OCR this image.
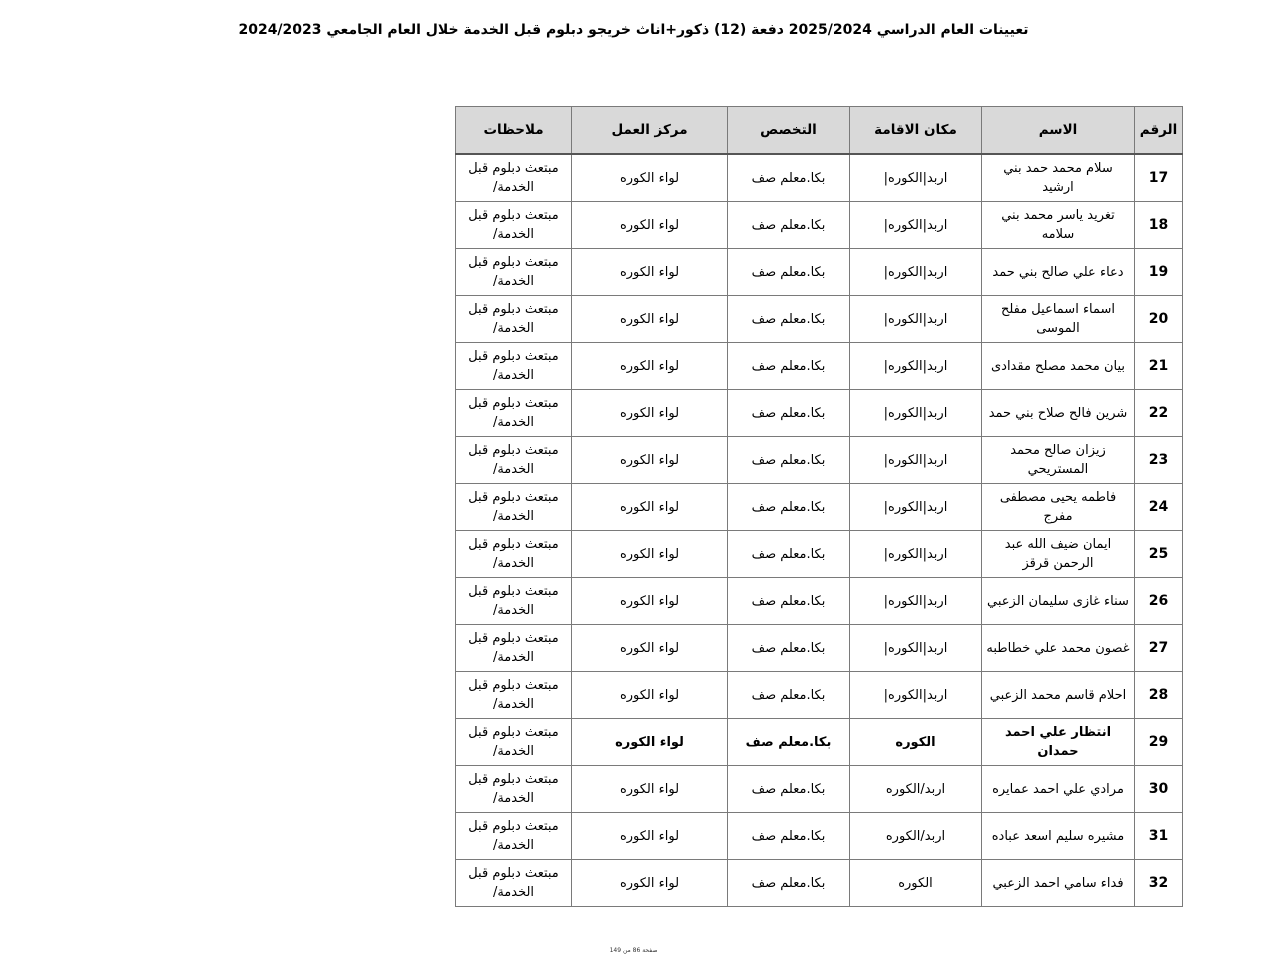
تعيينات العام الدراسي 2025/2024 دفعة (12) ذكور+اناث خريجو دبلوم قبل الخدمة خلال العام الجامعي 2024/2023
الرقم	الاسم	مكان الاقامة	التخصص	مركز العمل	ملاحظات
17	سلام محمد حمد بني ارشيد	اربد|الكوره|	بكا.معلم صف	لواء الكوره	مبتعث دبلوم قبل الخدمة/
18	تغريد ياسر محمد بني سلامه	اربد|الكوره|	بكا.معلم صف	لواء الكوره	مبتعث دبلوم قبل الخدمة/
19	دعاء علي صالح بني حمد	اربد|الكوره|	بكا.معلم صف	لواء الكوره	مبتعث دبلوم قبل الخدمة/
20	اسماء اسماعيل مفلح الموسى	اربد|الكوره|	بكا.معلم صف	لواء الكوره	مبتعث دبلوم قبل الخدمة/
21	بيان محمد مصلح مقدادى	اربد|الكوره|	بكا.معلم صف	لواء الكوره	مبتعث دبلوم قبل الخدمة/
22	شرين فالح صلاح بني حمد	اربد|الكوره|	بكا.معلم صف	لواء الكوره	مبتعث دبلوم قبل الخدمة/
23	زيزان صالح محمد المستريحي	اربد|الكوره|	بكا.معلم صف	لواء الكوره	مبتعث دبلوم قبل الخدمة/
24	فاطمه يحيى مصطفى مفرج	اربد|الكوره|	بكا.معلم صف	لواء الكوره	مبتعث دبلوم قبل الخدمة/
25	ايمان ضيف الله عبد الرحمن قرقز	اربد|الكوره|	بكا.معلم صف	لواء الكوره	مبتعث دبلوم قبل الخدمة/
26	سناء غازى سليمان الزعبي	اربد|الكوره|	بكا.معلم صف	لواء الكوره	مبتعث دبلوم قبل الخدمة/
27	غصون محمد علي خطاطبه	اربد|الكوره|	بكا.معلم صف	لواء الكوره	مبتعث دبلوم قبل الخدمة/
28	احلام قاسم محمد الزعبي	اربد|الكوره|	بكا.معلم صف	لواء الكوره	مبتعث دبلوم قبل الخدمة/
29	انتظار علي احمد حمدان	الكوره	بكا.معلم صف	لواء الكوره	مبتعث دبلوم قبل الخدمة/
30	مرادي علي احمد عمايره	اربد/الكوره	بكا.معلم صف	لواء الكوره	مبتعث دبلوم قبل الخدمة/
31	مشيره سليم اسعد عباده	اربد/الكوره	بكا.معلم صف	لواء الكوره	مبتعث دبلوم قبل الخدمة/
32	فداء سامي احمد الزعبي	الكوره	بكا.معلم صف	لواء الكوره	مبتعث دبلوم قبل الخدمة/
صفحة 86 من 149
